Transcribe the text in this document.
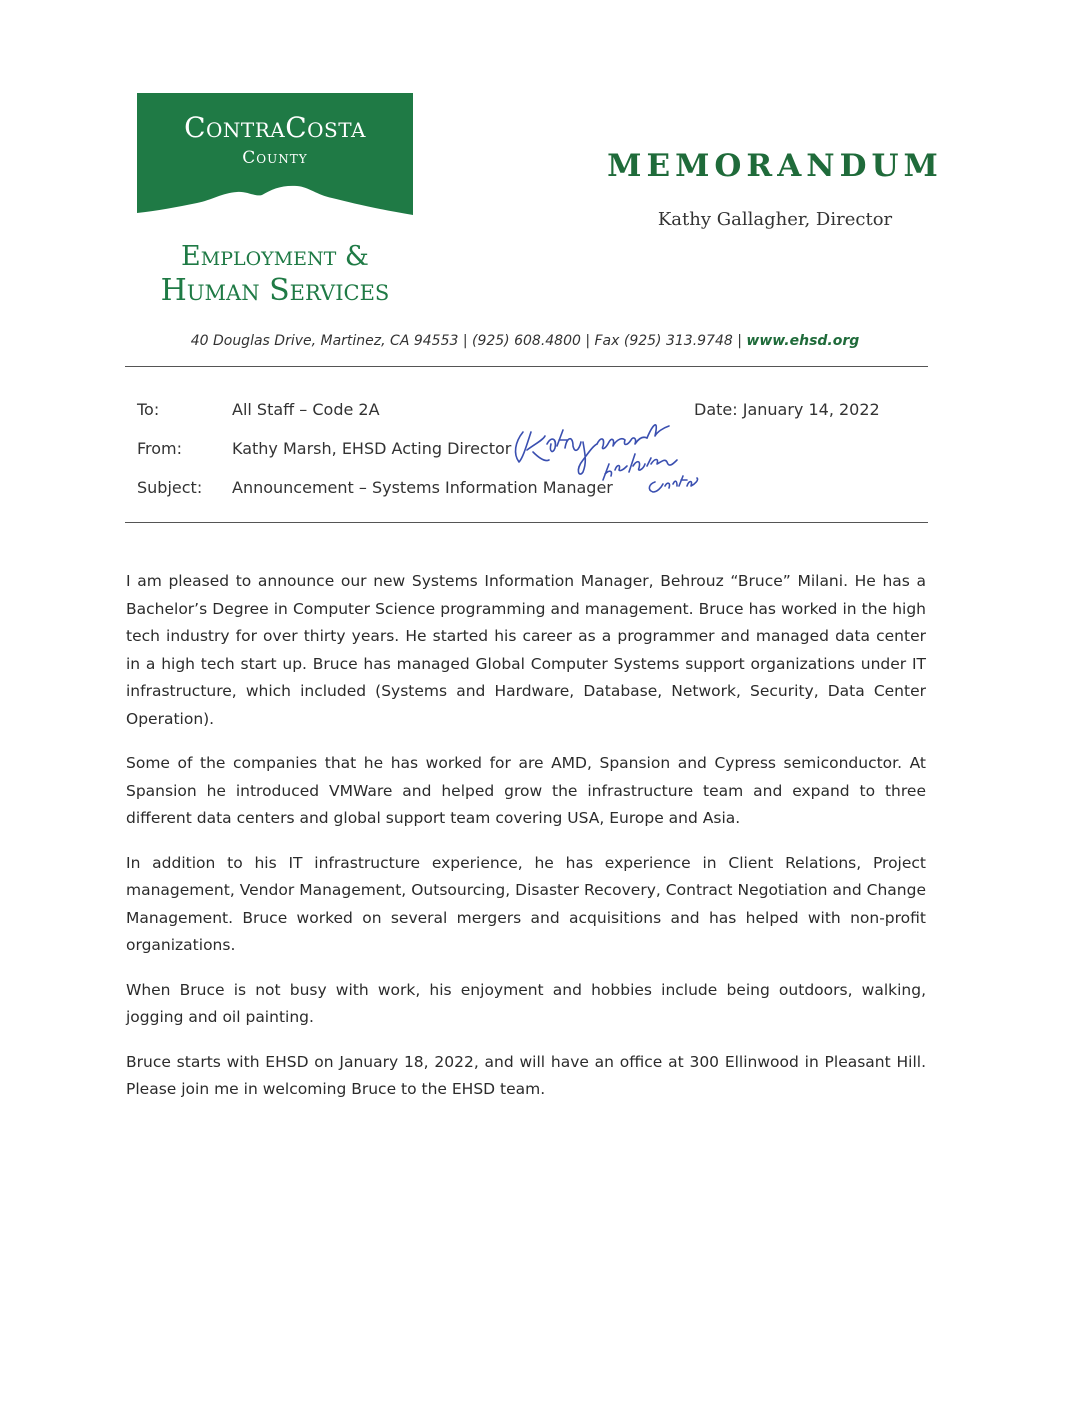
ContraCosta
County
Employment &
Human Services
MEMORANDUM
Kathy Gallagher, Director
40 Douglas Drive, Martinez, CA 94553 | (925) 608.4800 | Fax (925) 313.9748 | www.ehsd.org
To:	All Staff – Code 2A	Date: January 14, 2022
From:	Kathy Marsh, EHSD Acting Director
Subject: Announcement – Systems Information Manager

I am pleased to announce our new Systems Information Manager, Behrouz “Bruce” Milani. He has a Bachelor’s Degree in Computer Science programming and management. Bruce has worked in the high tech industry for over thirty years. He started his career as a programmer and managed data center in a high tech start up. Bruce has managed Global Computer Systems support organizations under IT infrastructure, which included (Systems and Hardware, Database, Network, Security, Data Center Operation).

Some of the companies that he has worked for are AMD, Spansion and Cypress semiconductor. At Spansion he introduced VMWare and helped grow the infrastructure team and expand to three different data centers and global support team covering USA, Europe and Asia.

In addition to his IT infrastructure experience, he has experience in Client Relations, Project management, Vendor Management, Outsourcing, Disaster Recovery, Contract Negotiation and Change Management. Bruce worked on several mergers and acquisitions and has helped with non-profit organizations.

When Bruce is not busy with work, his enjoyment and hobbies include being outdoors, walking, jogging and oil painting.

Bruce starts with EHSD on January 18, 2022, and will have an office at 300 Ellinwood in Pleasant Hill. Please join me in welcoming Bruce to the EHSD team.
